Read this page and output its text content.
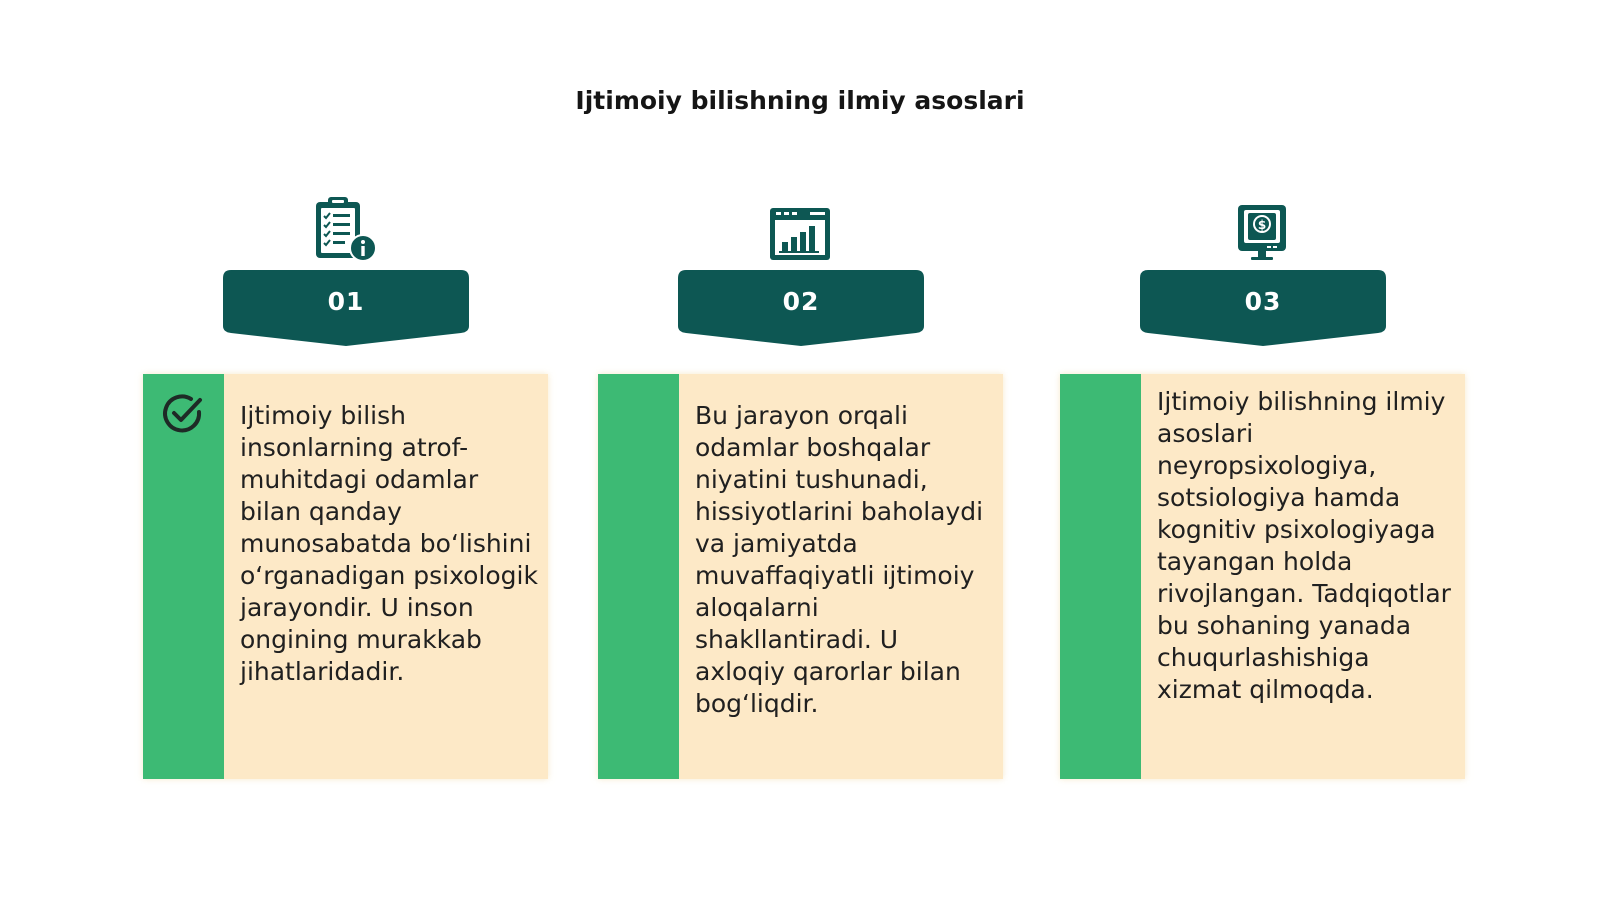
Ijtimoiy bilishning ilmiy asoslari
01
Ijtimoiy bilish insonlarning atrof-muhitdagi odamlar bilan qanday munosabatda bo‘lishini o‘rganadigan psixologik jarayondir. U inson ongining murakkab jihatlaridadir.
02
Bu jarayon orqali odamlar boshqalar niyatini tushunadi, hissiyotlarini baholaydi va jamiyatda muvaffaqiyatli ijtimoiy aloqalarni shakllantiradi. U axloqiy qarorlar bilan bog‘liqdir.
$
03
Ijtimoiy bilishning ilmiy asoslari neyropsixologiya, sotsiologiya hamda kognitiv psixologiyaga tayangan holda rivojlangan. Tadqiqotlar bu sohaning yanada chuqurlashishiga xizmat qilmoqda.
